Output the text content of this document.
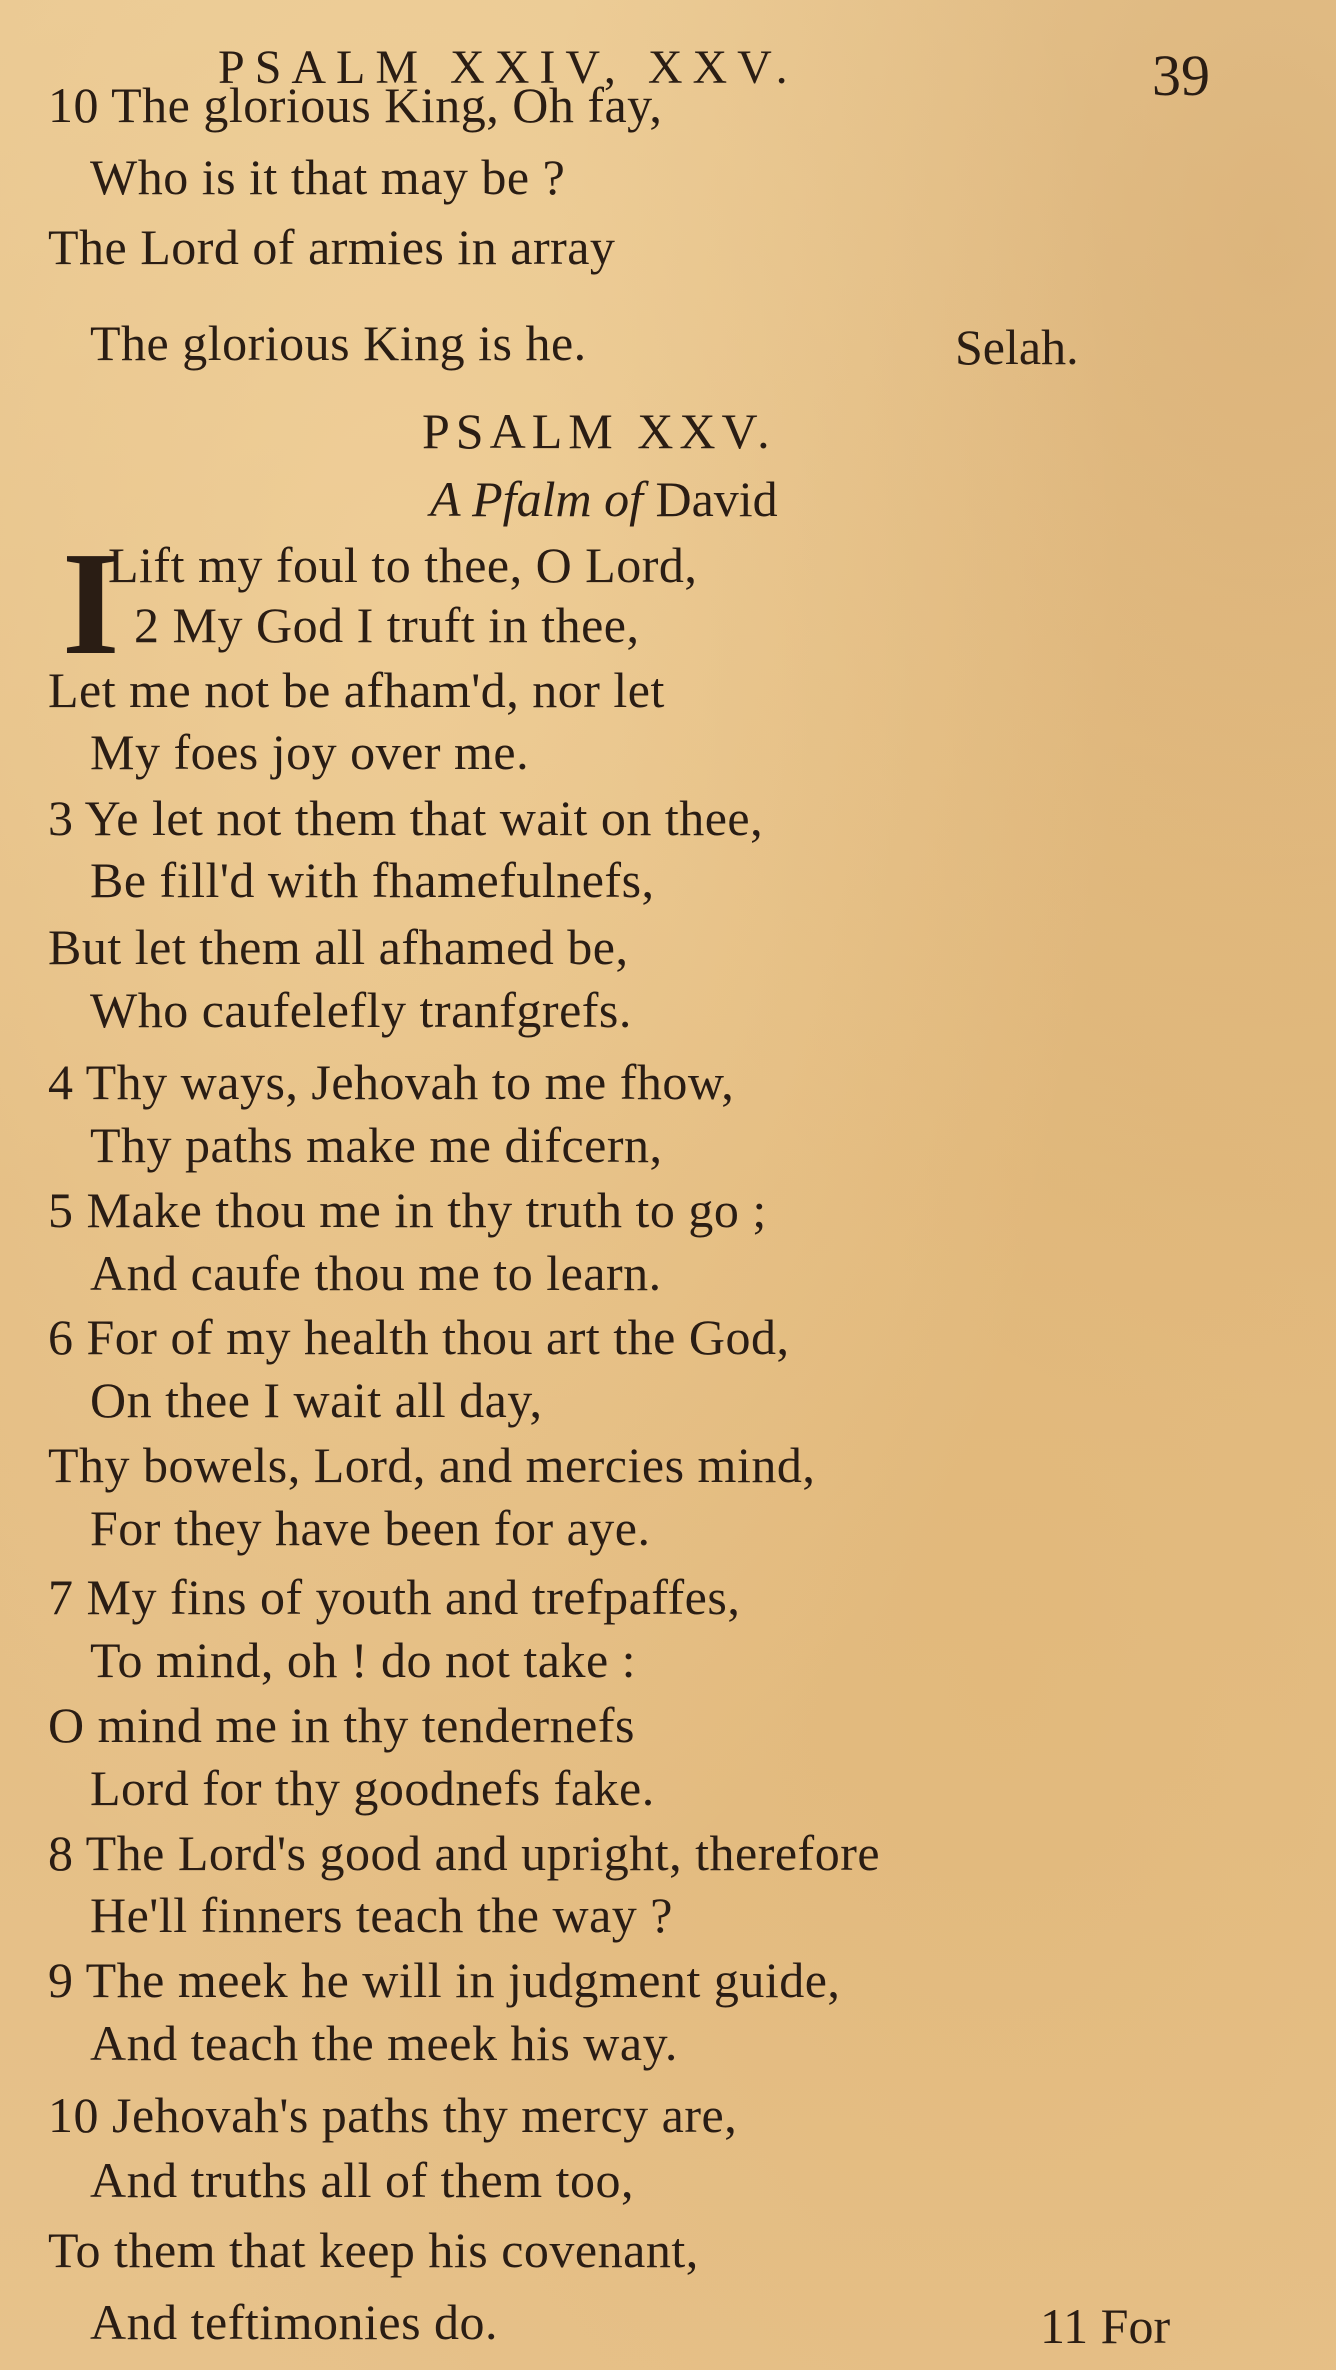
PSALM XXIV, XXV.	39
10 The glorious King, Oh fay,
Who is it that may be ?
The Lord of armies in array
The glorious King is he.	Selah.
PSALM XXV.
A Pfalm of David
I
Lift my foul to thee, O Lord,
2 My God I truft in thee,
Let me not be afham'd, nor let
My foes joy over me.
3 Ye let not them that wait on thee,
Be fill'd with fhamefulnefs,
But let them all afhamed be,
Who caufelefly tranfgrefs.
4 Thy ways, Jehovah to me fhow,
Thy paths make me difcern,
5 Make thou me in thy truth to go ;
And caufe thou me to learn.
6 For of my health thou art the God,
On thee I wait all day,
Thy bowels, Lord, and mercies mind,
For they have been for aye.
7 My fins of youth and trefpaffes,
To mind, oh ! do not take :
O mind me in thy tendernefs
Lord for thy goodnefs fake.
8 The Lord's good and upright, therefore
He'll finners teach the way ?
9 The meek he will in judgment guide,
And teach the meek his way.
10 Jehovah's paths thy mercy are,
And truths all of them too,
To them that keep his covenant,
And teftimonies do.	11 For
